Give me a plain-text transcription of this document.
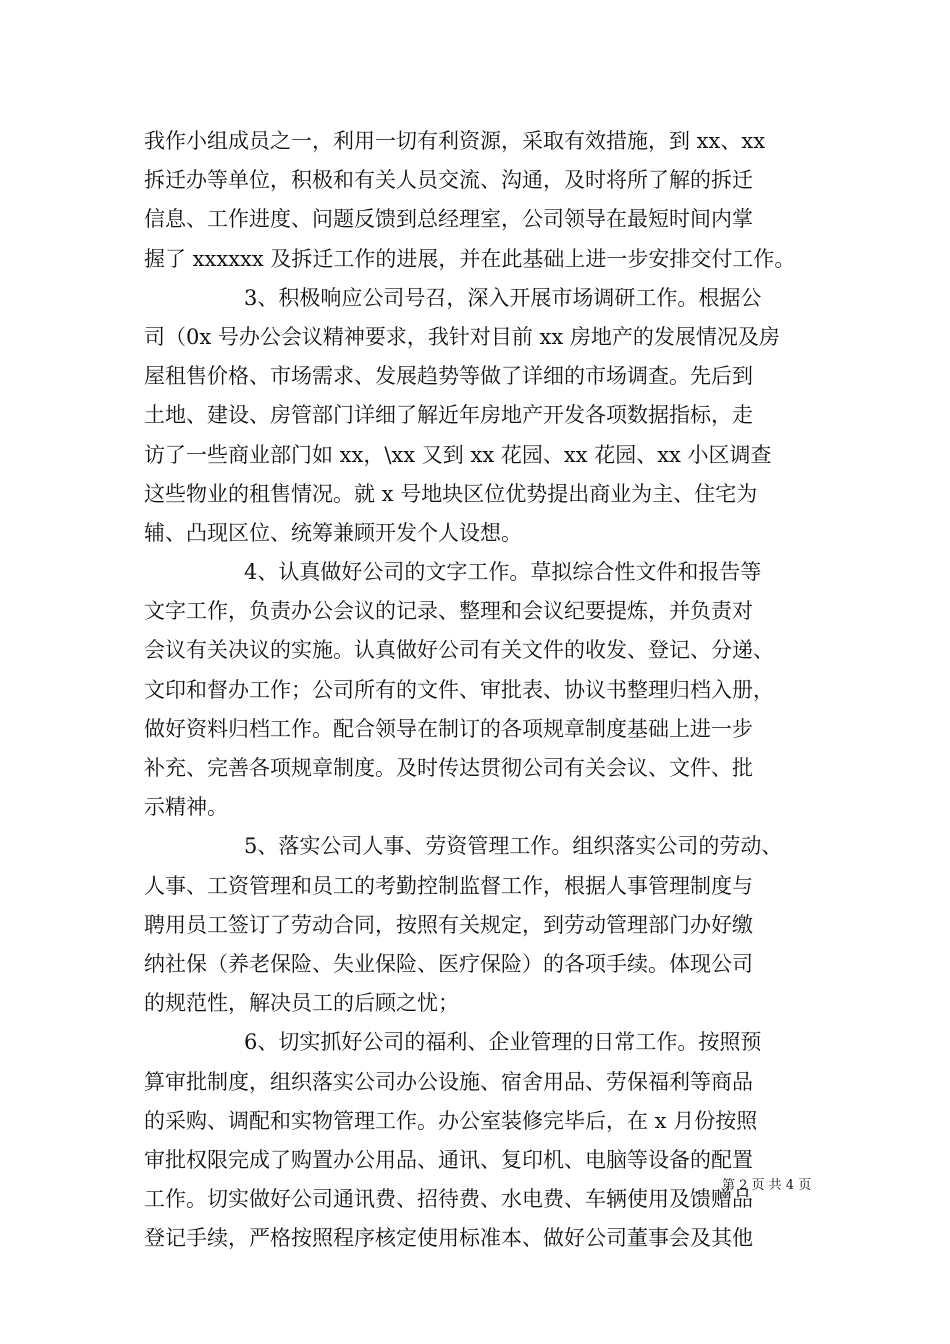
我作小组成员之一，利用一切有利资源，采取有效措施，到 xx、xx
拆迁办等单位，积极和有关人员交流、沟通，及时将所了解的拆迁
信息、工作进度、问题反馈到总经理室，公司领导在最短时间内掌
握了 xxxxxx 及拆迁工作的进展，并在此基础上进一步安排交付工作。
3、积极响应公司号召，深入开展市场调研工作。根据公
司（0x 号办公会议精神要求，我针对目前 xx 房地产的发展情况及房
屋租售价格、市场需求、发展趋势等做了详细的市场调查。先后到
土地、建设、房管部门详细了解近年房地产开发各项数据指标，走
访了一些商业部门如 xx，\xx 又到 xx 花园、xx 花园、xx 小区调查
这些物业的租售情况。就 x 号地块区位优势提出商业为主、住宅为
辅、凸现区位、统筹兼顾开发个人设想。
4、认真做好公司的文字工作。草拟综合性文件和报告等
文字工作，负责办公会议的记录、整理和会议纪要提炼，并负责对
会议有关决议的实施。认真做好公司有关文件的收发、登记、分递、
文印和督办工作；公司所有的文件、审批表、协议书整理归档入册，
做好资料归档工作。配合领导在制订的各项规章制度基础上进一步
补充、完善各项规章制度。及时传达贯彻公司有关会议、文件、批
示精神。
5、落实公司人事、劳资管理工作。组织落实公司的劳动、
人事、工资管理和员工的考勤控制监督工作，根据人事管理制度与
聘用员工签订了劳动合同，按照有关规定，到劳动管理部门办好缴
纳社保（养老保险、失业保险、医疗保险）的各项手续。体现公司
的规范性，解决员工的后顾之忧；
6、切实抓好公司的福利、企业管理的日常工作。按照预
算审批制度，组织落实公司办公设施、宿舍用品、劳保福利等商品
的采购、调配和实物管理工作。办公室装修完毕后，在 x 月份按照
审批权限完成了购置办公用品、通讯、复印机、电脑等设备的配置
工作。切实做好公司通讯费、招待费、水电费、车辆使用及馈赠品
登记手续，严格按照程序核定使用标准本、做好公司董事会及其他
第 2 页 共 4 页
